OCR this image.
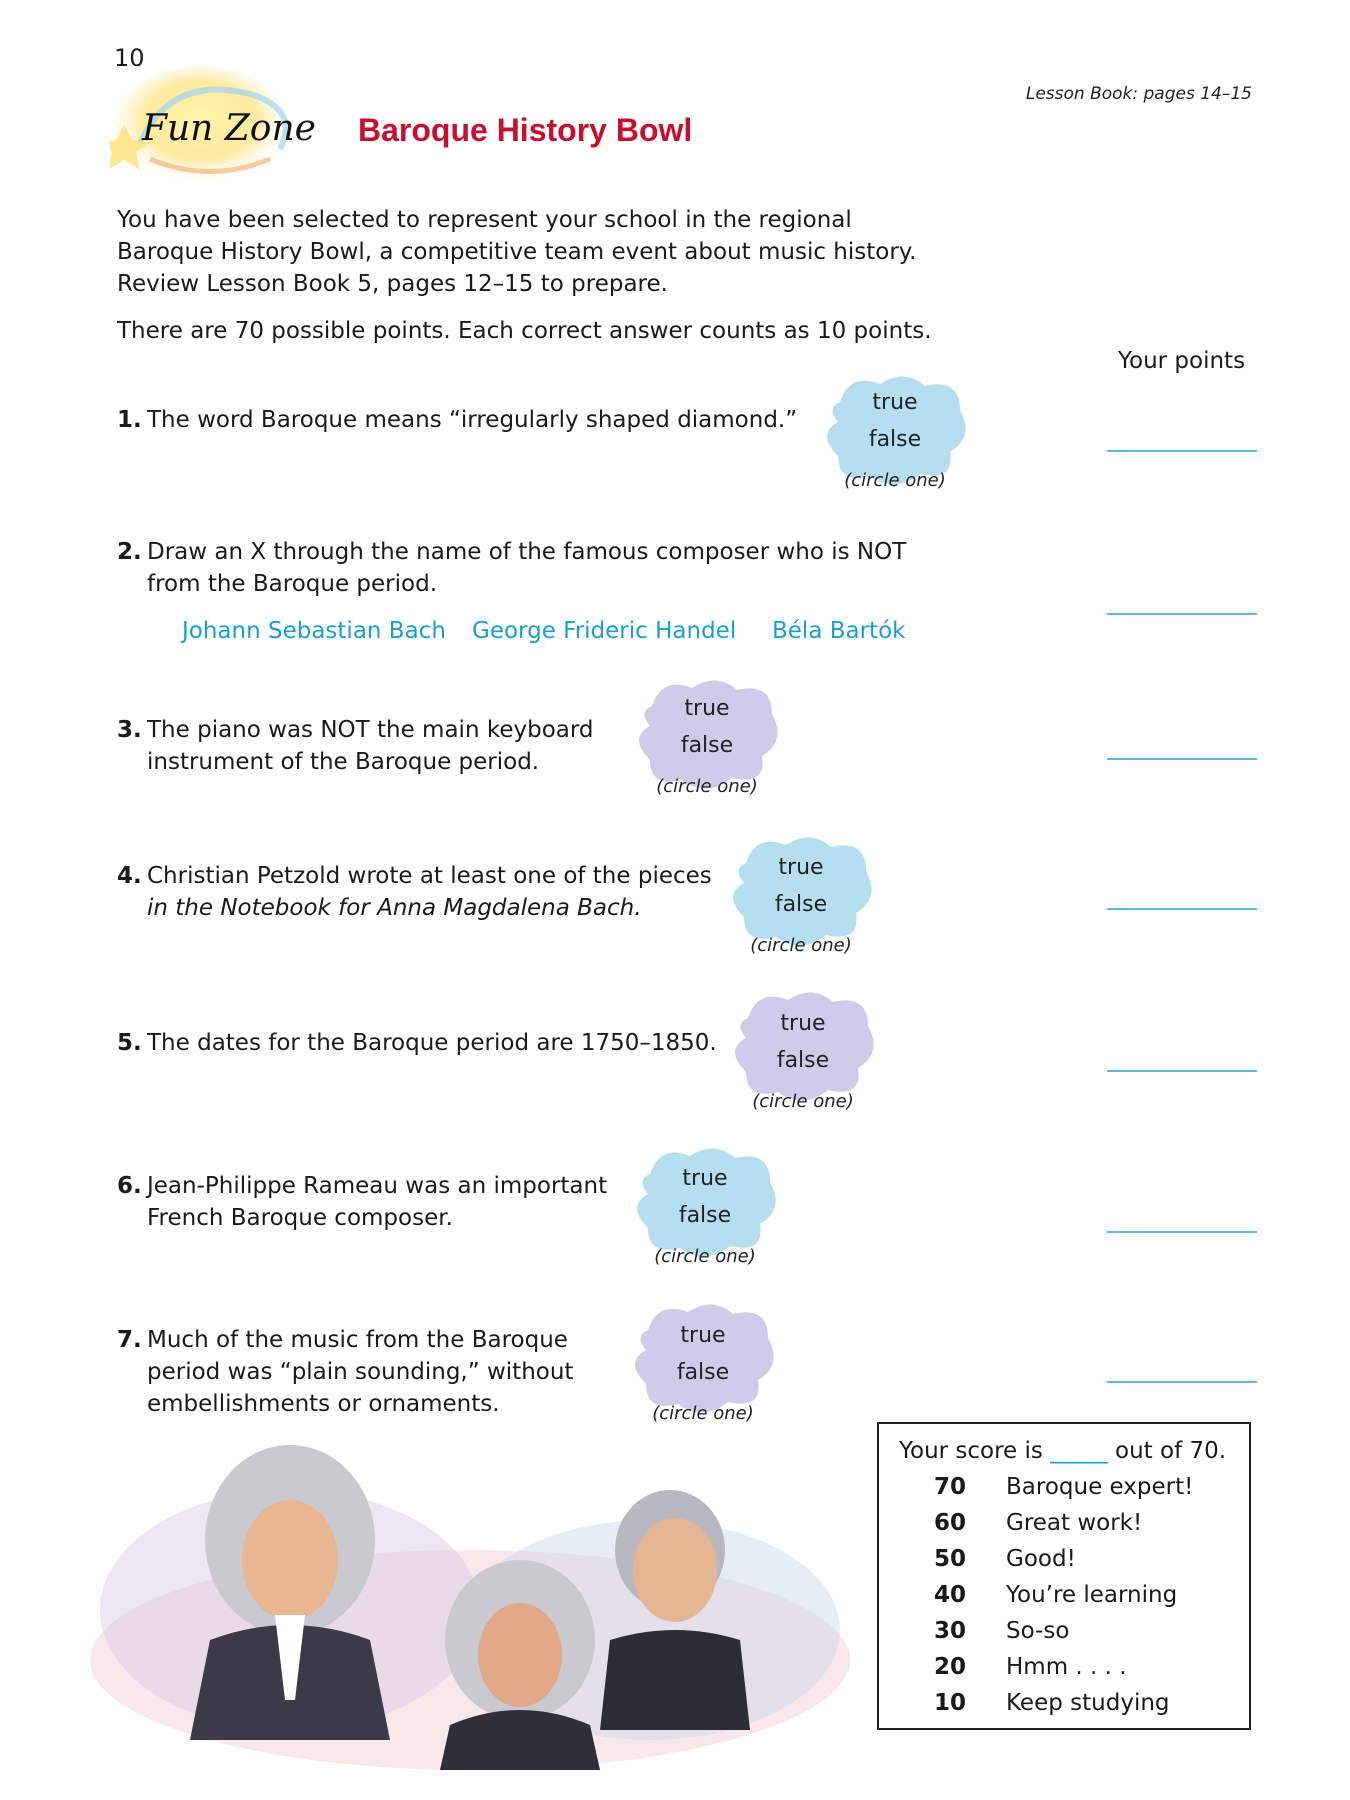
10
Lesson Book: pages 14–15
Fun Zone Baroque History Bowl

You have been selected to represent your school in the regional

Baroque History Bowl, a competitive team event about music history.

Review Lesson Book 5, pages 12–15 to prepare.

There are 70 possible points. Each correct answer counts as 10 points.
Your points
1. The word Baroque means “irregularly shaped diamond.”
true
false
(circle one)
2. Draw an X through the name of the famous composer who is NOT
from the Baroque period.
Johann Sebastian Bach George Frideric Handel Béla Bartók
3. The piano was NOT the main keyboard
instrument of the Baroque period.
true
false
(circle one)
4. Christian Petzold wrote at least one of the pieces
in the Notebook for Anna Magdalena Bach.
true
false
(circle one)
5. The dates for the Baroque period are 1750–1850.
true
false
(circle one)
6. Jean-Philippe Rameau was an important
French Baroque composer.
true
false
(circle one)
7. Much of the music from the Baroque
period was “plain sounding,” without
embellishments or ornaments.
true
false
(circle one)
Your score is _____ out of 70.
70 Baroque expert!
60 Great work!
50 Good!
40 You’re learning
30 So-so
20 Hmm . . . .
10 Keep studying
